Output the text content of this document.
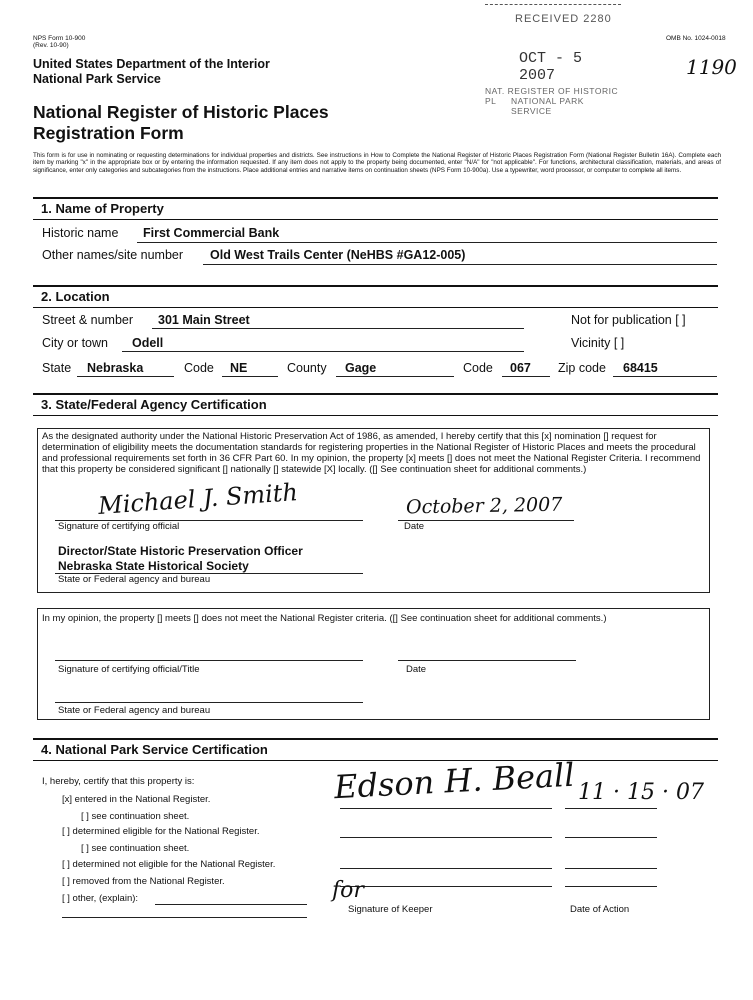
NPS Form 10-900
(Rev. 10-90)
OMB No. 1024-0018
United States Department of the Interior
National Park Service
National Register of Historic Places
Registration Form
RECEIVED 2280
OCT - 5 2007
NAT. REGISTER OF HISTORIC PL	NATIONAL PARK SERVICE
1190
This form is for use in nominating or requesting determinations for individual properties and districts. See instructions in How to Complete the National Register of Historic Places Registration Form (National Register Bulletin 16A). Complete each item by marking "x" in the appropriate box or by entering the information requested. If any item does not apply to the property being documented, enter "N/A" for "not applicable". For functions, architectural classification, materials, and areas of significance, enter only categories and subcategories from the instructions. Place additional entries and narrative items on continuation sheets (NPS Form 10-900a). Use a typewriter, word processor, or computer to complete all items.
1. Name of Property
Historic name First Commercial Bank
Other names/site number Old West Trails Center (NeHBS #GA12-005)
2. Location
Street & number 301 Main Street	Not for publication [ ]
City or town Odell	Vicinity [ ]
State Nebraska	Code NE	County Gage	Code 067 Zip code 68415
3. State/Federal Agency Certification
As the designated authority under the National Historic Preservation Act of 1986, as amended, I hereby certify that this [x] nomination [] request for determination of eligibility meets the documentation standards for registering properties in the National Register of Historic Places and meets the procedural and professional requirements set forth in 36 CFR Part 60. In my opinion, the property [x] meets [] does not meet the National Register Criteria. I recommend that this property be considered significant [] nationally [] statewide [X] locally. ([] See continuation sheet for additional comments.)
Michael J. Smith
Signature of certifying official
October 2, 2007
Date
Director/State Historic Preservation Officer
Nebraska State Historical Society
State or Federal agency and bureau
In my opinion, the property [] meets [] does not meet the National Register criteria. ([] See continuation sheet for additional comments.)
Signature of certifying official/Title	Date
State or Federal agency and bureau
4. National Park Service Certification
I, hereby, certify that this property is:
[x] entered in the National Register.
[ ] see continuation sheet.
[ ] determined eligible for the National Register.
[ ] see continuation sheet.
[ ] determined not eligible for the National Register.
[ ] removed from the National Register.
[ ] other, (explain):
Edson H. Beall 11 · 15 · 07
for
Signature of Keeper	Date of Action
